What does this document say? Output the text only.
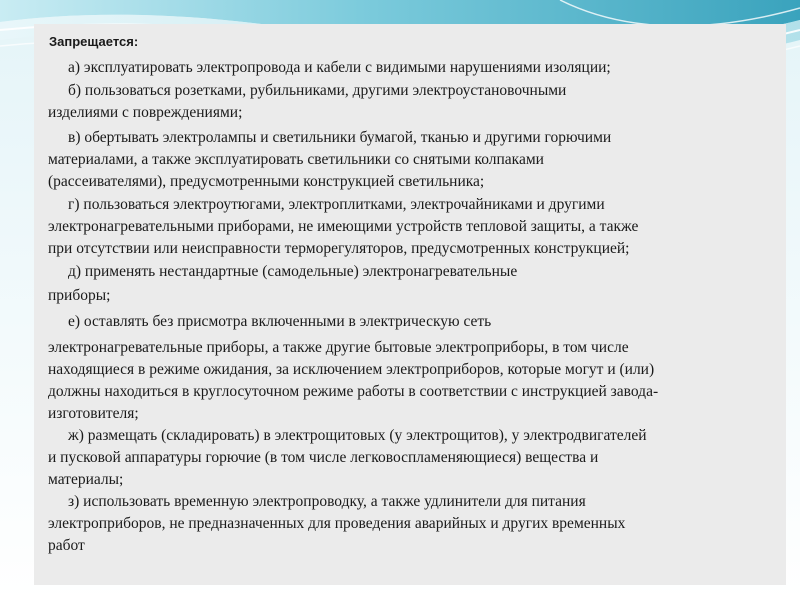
Запрещается:
а) эксплуатировать электропровода и кабели с видимыми нарушениями изоляции;
б) пользоваться розетками, рубильниками, другими электроустановочными
изделиями с повреждениями;
в) обертывать электролампы и светильники бумагой, тканью и другими горючими
материалами, а также эксплуатировать светильники со снятыми колпаками
(рассеивателями), предусмотренными конструкцией светильника;
г) пользоваться электроутюгами, электроплитками, электрочайниками и другими
электронагревательными приборами, не имеющими устройств тепловой защиты, а также
при отсутствии или неисправности терморегуляторов, предусмотренных конструкцией;
д) применять нестандартные (самодельные) электронагревательные
приборы;
е) оставлять без присмотра включенными в электрическую сеть
электронагревательные приборы, а также другие бытовые электроприборы, в том числе
находящиеся в режиме ожидания, за исключением электроприборов, которые могут и (или)
должны находиться в круглосуточном режиме работы в соответствии с инструкцией завода-
изготовителя;
ж) размещать (складировать) в электрощитовых (у электрощитов), у электродвигателей
и пусковой аппаратуры горючие (в том числе легковоспламеняющиеся) вещества и
материалы;
з) использовать временную электропроводку, а также удлинители для питания
электроприборов, не предназначенных для проведения аварийных и других временных
работ
